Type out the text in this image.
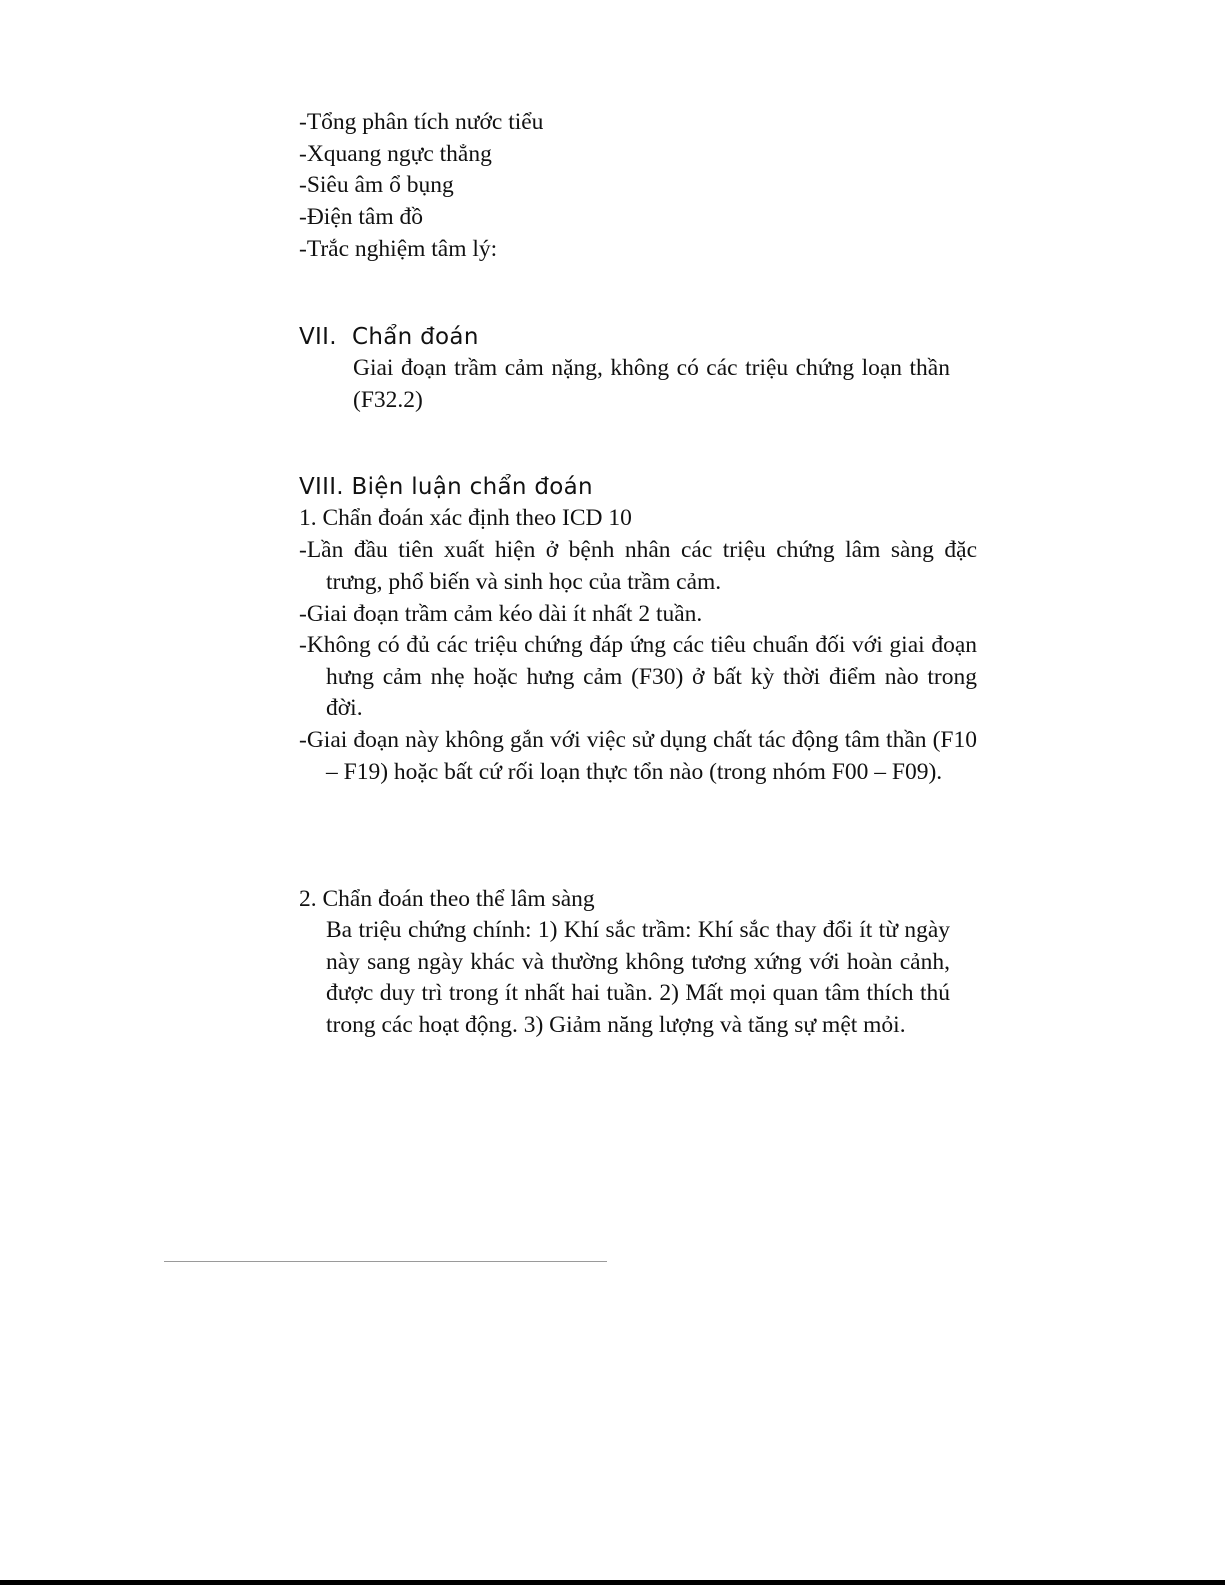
-Tổng phân tích nước tiểu
-Xquang ngực thẳng
-Siêu âm ổ bụng
-Điện tâm đồ
-Trắc nghiệm tâm lý:
VII.  Chẩn đoán
Giai đoạn trầm cảm nặng, không có các triệu chứng loạn thần (F32.2)
VIII. Biện luận chẩn đoán
1. Chẩn đoán xác định theo ICD 10
-Lần đầu tiên xuất hiện ở bệnh nhân các triệu chứng lâm sàng đặc trưng, phổ biến và sinh học của trầm cảm.
-Giai đoạn trầm cảm kéo dài ít nhất 2 tuần.
-Không có đủ các triệu chứng đáp ứng các tiêu chuẩn đối với giai đoạn hưng cảm nhẹ hoặc hưng cảm (F30) ở bất kỳ thời điểm nào trong đời.
-Giai đoạn này không gắn với việc sử dụng chất tác động tâm thần (F10 – F19) hoặc bất cứ rối loạn thực tổn nào (trong nhóm F00 – F09).
2. Chẩn đoán theo thể lâm sàng
Ba triệu chứng chính: 1) Khí sắc trầm: Khí sắc thay đổi ít từ ngày này sang ngày khác và thường không tương xứng với hoàn cảnh, được duy trì trong ít nhất hai tuần. 2) Mất mọi quan tâm thích thú trong các hoạt động. 3) Giảm năng lượng và tăng sự mệt mỏi.
